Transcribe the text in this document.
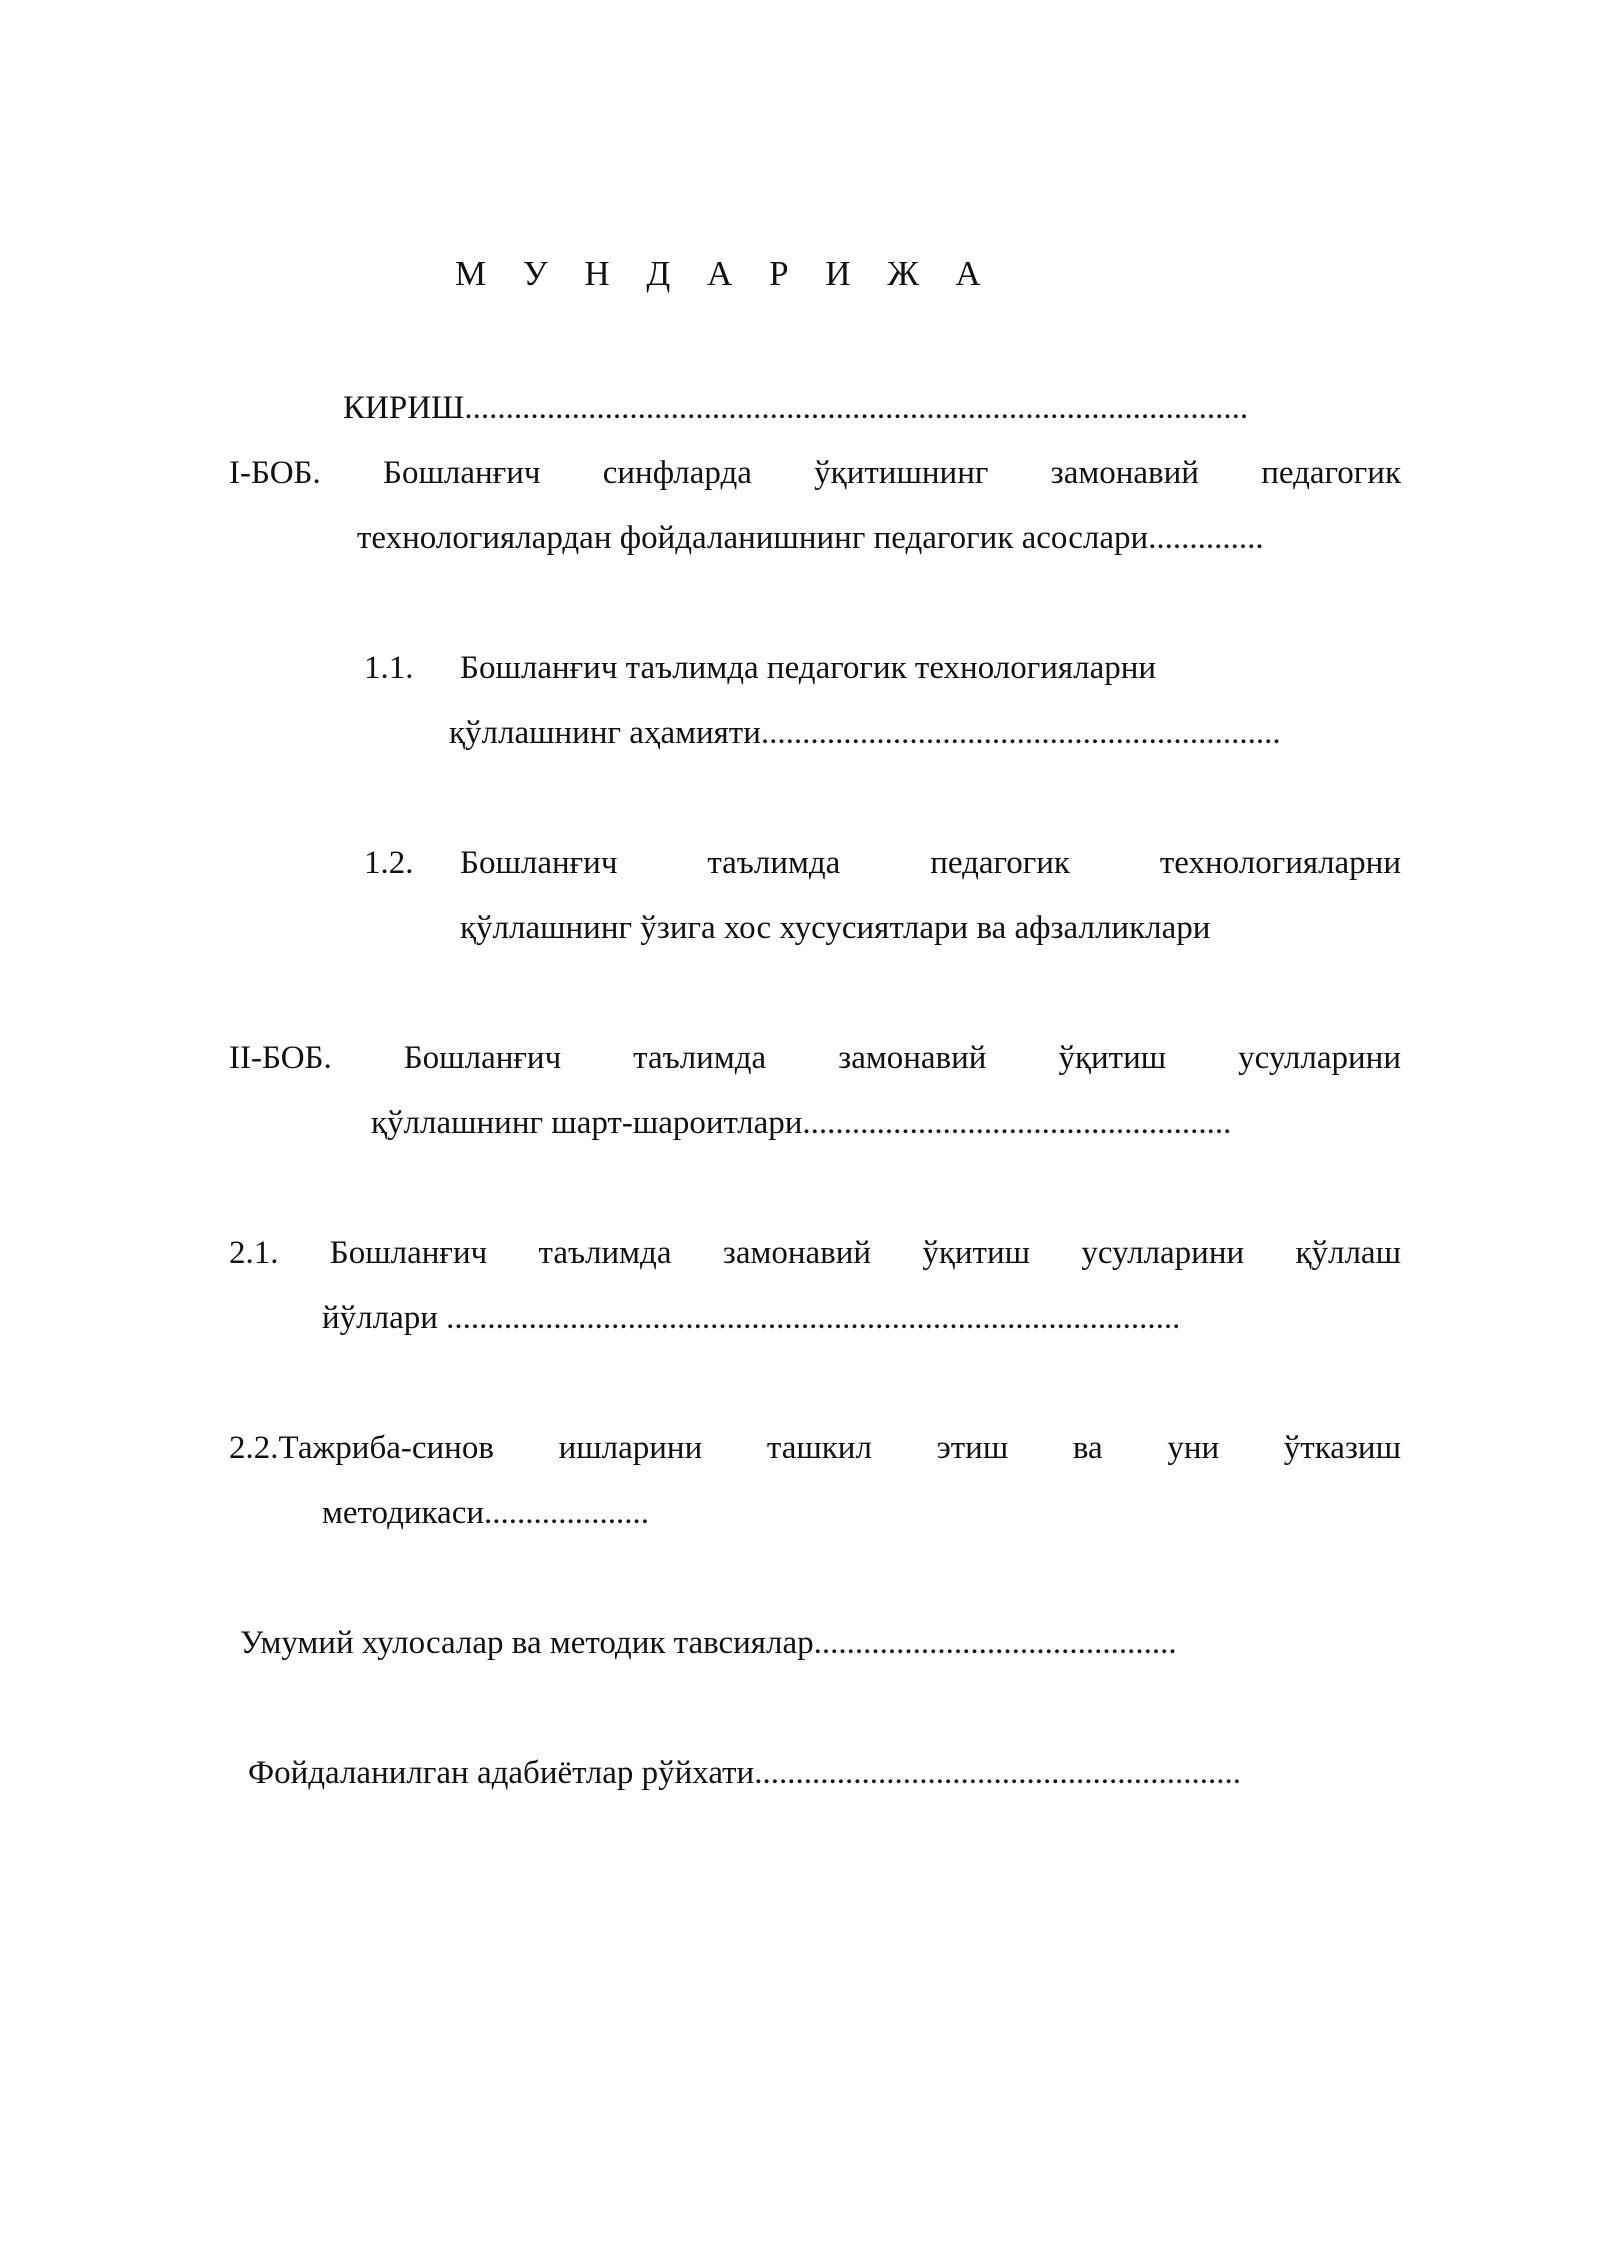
М У Н Д А Р И Ж А
КИРИШ...............................................................................................
I-БОБ. Бошланғич синфларда ўқитишнинг замонавий педагогик
технологиялардан фойдаланишнинг педагогик асослари..............
1.1. Бошланғич таълимда педагогик технологияларни
қўллашнинг аҳамияти...............................................................
1.2. Бошланғич таълимда педагогик технологияларни
қўллашнинг ўзига хос хусусиятлари ва афзалликлари
II-БОБ. Бошланғич таълимда замонавий ўқитиш усулларини
қўллашнинг шарт-шароитлари....................................................
2.1. Бошланғич таълимда замонавий ўқитиш усулларини қўллаш
йўллари .........................................................................................
2.2.Тажриба-синов ишларини ташкил этиш ва уни ўтказиш
методикаси....................
Умумий хулосалар ва методик тавсиялар............................................
Фойдаланилган адабиётлар рўйхати...........................................................
